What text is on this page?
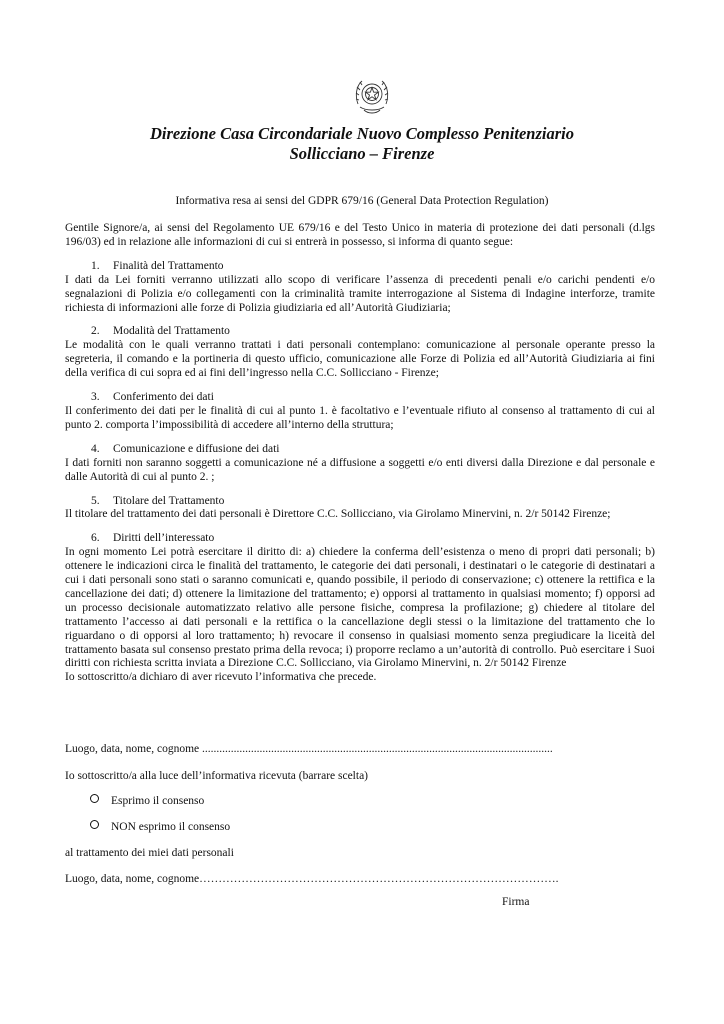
Direzione Casa Circondariale Nuovo Complesso Penitenziario
Sollicciano – Firenze
Informativa resa ai sensi del GDPR 679/16 (General Data Protection Regulation)

Gentile Signore/a, ai sensi del Regolamento UE 679/16 e del Testo Unico in materia di protezione dei dati personali (d.lgs 196/03) ed in relazione alle informazioni di cui si entrerà in possesso, si informa di quanto segue:

1. Finalità del Trattamento

I dati da Lei forniti verranno utilizzati allo scopo di verificare l’assenza di precedenti penali e/o carichi pendenti e/o segnalazioni di Polizia e/o collegamenti con la criminalità tramite interrogazione al Sistema di Indagine interforze, tramite richiesta di informazioni alle forze di Polizia giudiziaria ed all’Autorità Giudiziaria;

2. Modalità del Trattamento

Le modalità con le quali verranno trattati i dati personali contemplano: comunicazione al personale operante presso la segreteria, il comando e la portineria di questo ufficio, comunicazione alle Forze di Polizia ed all’Autorità Giudiziaria ai fini della verifica di cui sopra ed ai fini dell’ingresso nella C.C. Sollicciano - Firenze;

3. Conferimento dei dati

Il conferimento dei dati per le finalità di cui al punto 1. è facoltativo e l’eventuale rifiuto al consenso al trattamento di cui al punto 2. comporta l’impossibilità di accedere all’interno della struttura;

4. Comunicazione e diffusione dei dati

I dati forniti non saranno soggetti a comunicazione né a diffusione a soggetti e/o enti diversi dalla Direzione e dal personale e dalle Autorità di cui al punto 2. ;

5. Titolare del Trattamento

Il titolare del trattamento dei dati personali è Direttore C.C. Sollicciano, via Girolamo Minervini, n. 2/r 50142 Firenze;

6. Diritti dell’interessato

In ogni momento Lei potrà esercitare il diritto di: a) chiedere la conferma dell’esistenza o meno di propri dati personali; b) ottenere le indicazioni circa le finalità del trattamento, le categorie dei dati personali, i destinatari o le categorie di destinatari a cui i dati personali sono stati o saranno comunicati e, quando possibile, il periodo di conservazione; c) ottenere la rettifica e la cancellazione dei dati; d) ottenere la limitazione del trattamento; e) opporsi al trattamento in qualsiasi momento; f) opporsi ad un processo decisionale automatizzato relativo alle persone fisiche, compresa la profilazione; g) chiedere al titolare del trattamento l’accesso ai dati personali e la rettifica o la cancellazione degli stessi o la limitazione del trattamento che lo riguardano o di opporsi al loro trattamento; h) revocare il consenso in qualsiasi momento senza pregiudicare la liceità del trattamento basata sul consenso prestato prima della revoca; i) proporre reclamo a un’autorità di controllo. Può esercitare i Suoi diritti con richiesta scritta inviata a Direzione C.C. Sollicciano, via Girolamo Minervini, n. 2/r 50142 Firenze

Io sottoscritto/a dichiaro di aver ricevuto l’informativa che precede.

Luogo, data, nome, cognome ..........................................................................................................................
Io sottoscritto/a alla luce dell’informativa ricevuta (barrare scelta)
Esprimo il consenso
NON esprimo il consenso
al trattamento dei miei dati personali
Luogo, data, nome, cognome………………………………………………………………………………….
Firma
